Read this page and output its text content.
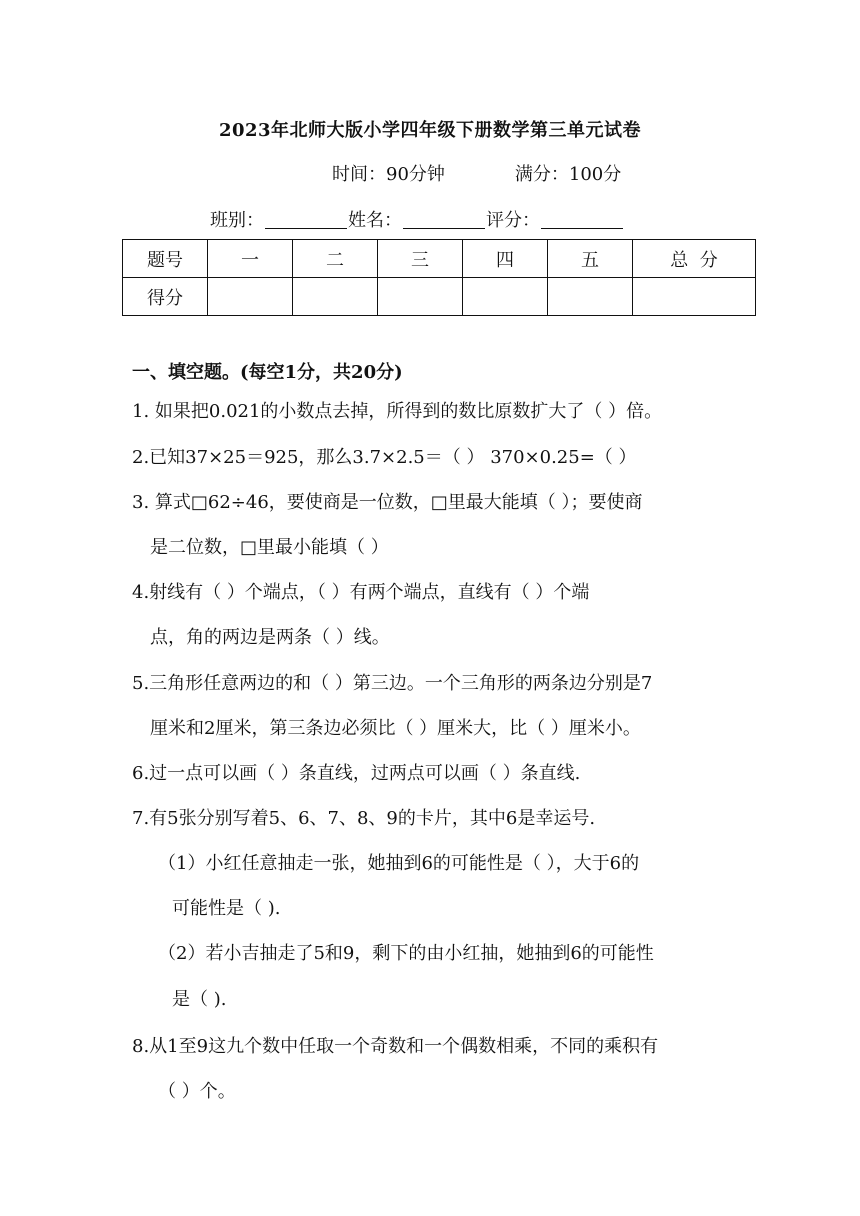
2023年北师大版小学四年级下册数学第三单元试卷
时间：90分钟	满分：100分
班别：	姓名：	评分：
题号	一	二	三	四	五	总  分
得分						
一、填空题。(每空1分，共20分)
1. 如果把0.021的小数点去掉，所得到的数比原数扩大了（ ）倍。
2.已知37×25＝925，那么3.7×2.5＝（ ） 370×0.25=（ ）
3. 算式□62÷46，要使商是一位数，□里最大能填（ ）；要使商
是二位数，□里最小能填（ ）
4.射线有（ ）个端点，（ ）有两个端点，直线有（ ）个端
点，角的两边是两条（ ）线。
5.三角形任意两边的和（ ）第三边。一个三角形的两条边分别是7
厘米和2厘米，第三条边必须比（ ）厘米大，比（ ）厘米小。
6.过一点可以画（ ）条直线，过两点可以画（ ）条直线.
7.有5张分别写着5、6、7、8、9的卡片，其中6是幸运号.
（1）小红任意抽走一张，她抽到6的可能性是（ ），大于6的
可能性是（ ).
（2）若小吉抽走了5和9，剩下的由小红抽，她抽到6的可能性
是（ ).
8.从1至9这九个数中任取一个奇数和一个偶数相乘，不同的乘积有
（ ）个。
